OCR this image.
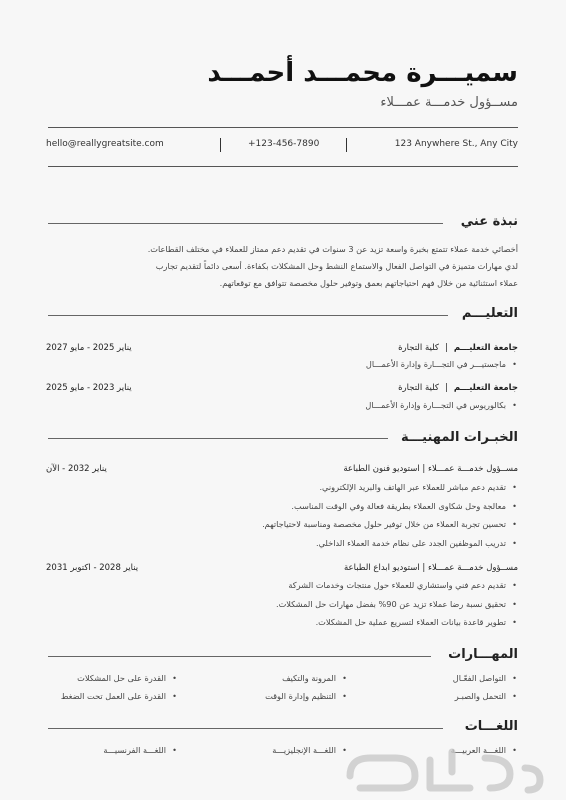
سميـــرة محمـــد أحمـــد
مســؤول خدمـــة عمـــلاء
hello@reallygreatsite.com	+123-456-7890	123 Anywhere St., Any City
نبذة عني
أخصائي خدمة عملاء تتمتع بخبرة واسعة تزيد عن 3 سنوات في تقديم دعم ممتاز للعملاء في مختلف القطاعات.
لدي مهارات متميزة في التواصل الفعال والاستماع النشط وحل المشكلات بكفاءة. أسعى دائماً لتقديم تجارب
عملاء استثنائية من خلال فهم احتياجاتهم بعمق وتوفير حلول مخصصة تتوافق مع توقعاتهم.
التعليـــم
جامعة التعليـــم|كلية التجارة
يناير 2025 - مايو 2027
• ماجستيـــر في التجـــارة وإدارة الأعمـــال
جامعة التعليـــم|كلية التجارة
يناير 2023 - مايو 2025
• بكالوريوس في التجـــارة وإدارة الأعمـــال
الخبـرات المهنيـــة
مســؤول خدمـــة عمـــلاء | استوديو فنون الطباعة
يناير 2032 - الآن
• تقديم دعم مباشر للعملاء عبر الهاتف والبريد الإلكتروني.
• معالجة وحل شكاوى العملاء بطريقة فعالة وفي الوقت المناسب.
• تحسين تجربة العملاء من خلال توفير حلول مخصصة ومناسبة لاحتياجاتهم.
• تدريب الموظفين الجدد على نظام خدمة العملاء الداخلي.
مســؤول خدمـــة عمـــلاء | استوديو ابداع الطباعة
يناير 2028 - اكتوبر 2031
• تقديم دعم فني واستشاري للعملاء حول منتجات وخدمات الشركة
• تحقيق نسبة رضا عملاء تزيد عن 90% بفضل مهارات حل المشكلات.
• تطوير قاعدة بيانات العملاء لتسريع عملية حل المشكلات.
المهـــارات
• التواصل الفعّـال
• التحمل والصبـر
• المرونة والتكيف
• التنظيم وإدارة الوقت
• القدرة على حل المشكلات
• القدرة على العمل تحت الضغط
اللغـــات
• اللغـــة العربيـــة
• اللغـــة الإنجليزيـــة
• اللغـــة الفرنسيـــة
